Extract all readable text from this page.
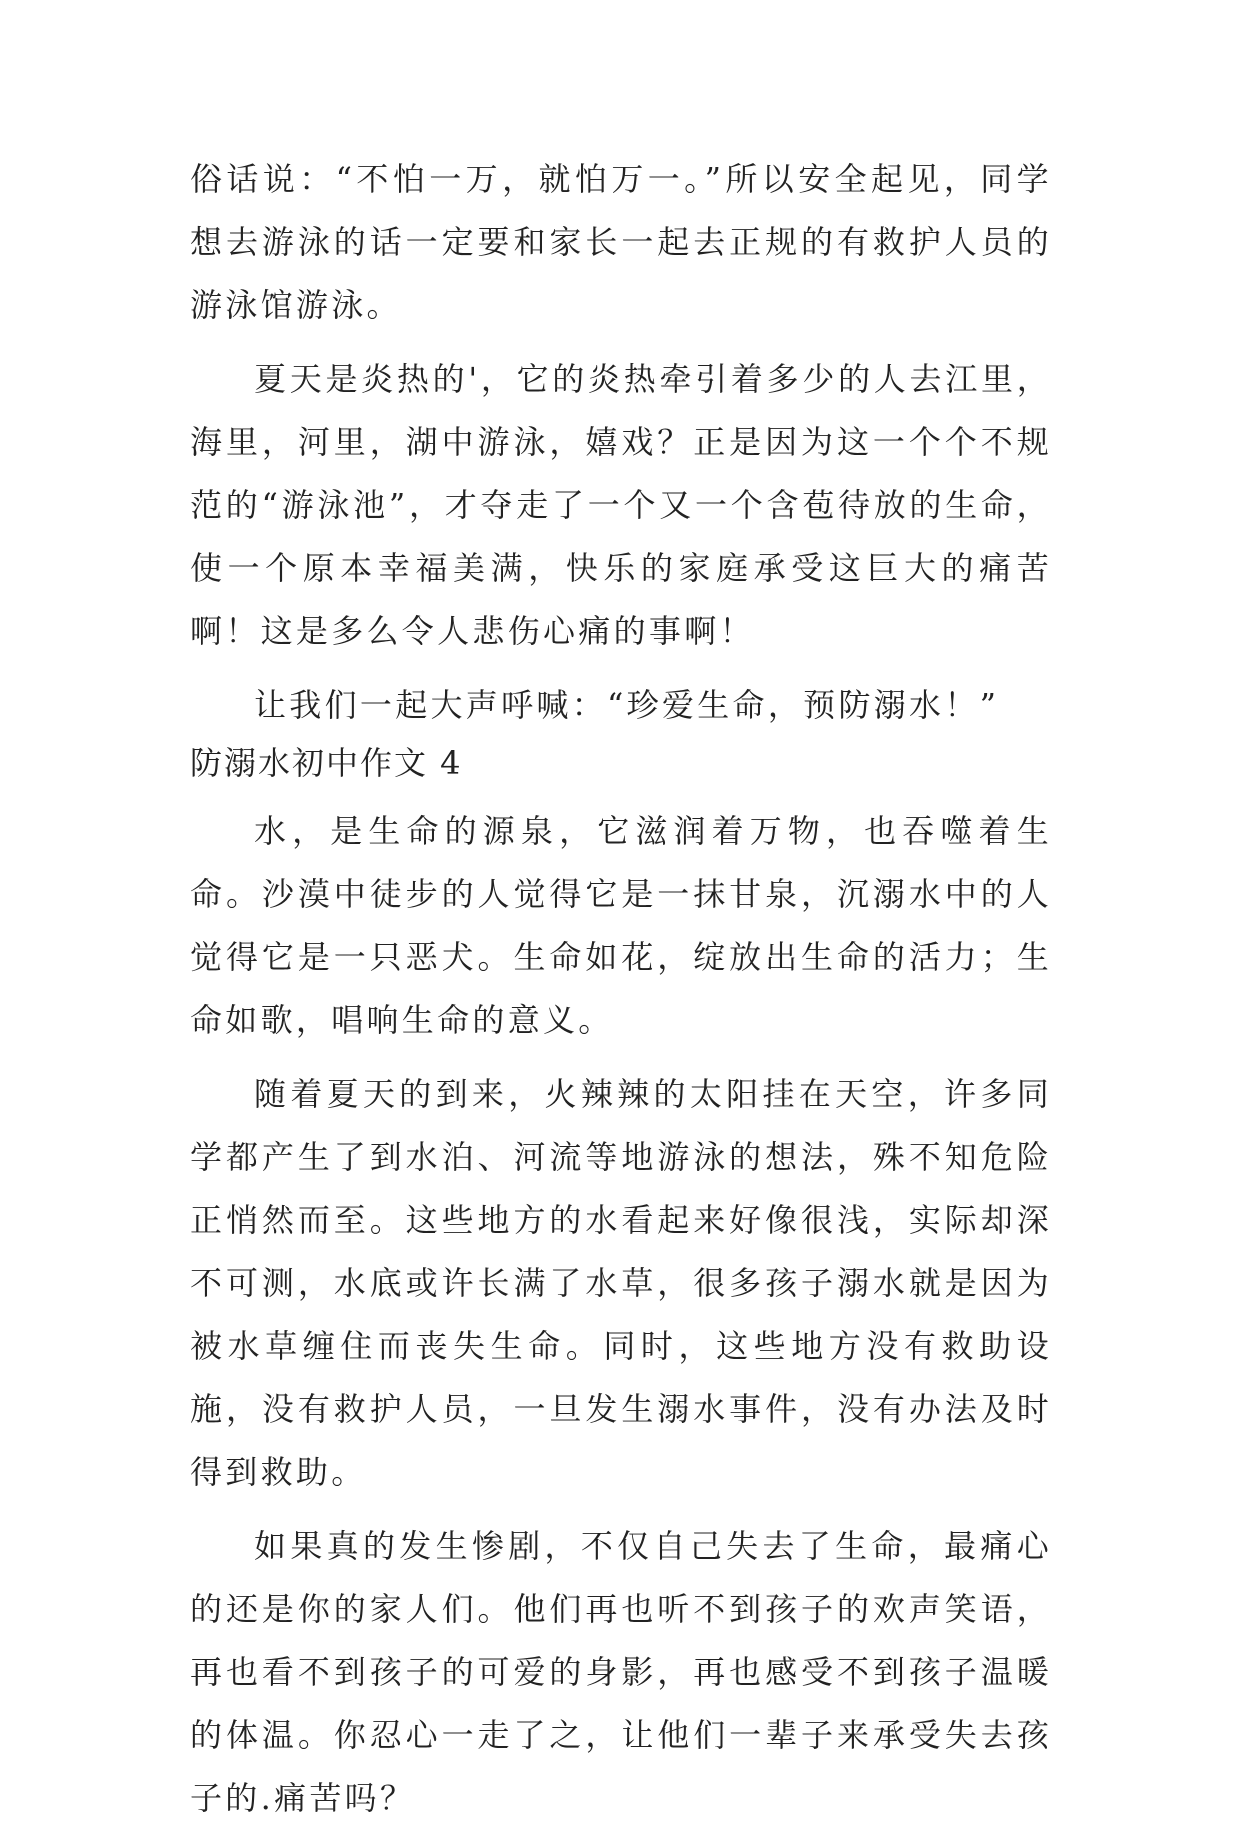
俗话说：“不怕一万，就怕万一。”所以安全起见，同学想去游泳的话一定要和家长一起去正规的有救护人员的游泳馆游泳。

夏天是炎热的'，它的炎热牵引着多少的人去江里，海里，河里，湖中游泳，嬉戏？正是因为这一个个不规范的“游泳池”，才夺走了一个又一个含苞待放的生命，使一个原本幸福美满，快乐的家庭承受这巨大的痛苦啊！这是多么令人悲伤心痛的事啊！

让我们一起大声呼喊：“珍爱生命，预防溺水！”

防溺水初中作文 4

水，是生命的源泉，它滋润着万物，也吞噬着生命。沙漠中徒步的人觉得它是一抹甘泉，沉溺水中的人觉得它是一只恶犬。生命如花，绽放出生命的活力；生命如歌，唱响生命的意义。

随着夏天的到来，火辣辣的太阳挂在天空，许多同学都产生了到水泊、河流等地游泳的想法，殊不知危险正悄然而至。这些地方的水看起来好像很浅，实际却深不可测，水底或许长满了水草，很多孩子溺水就是因为被水草缠住而丧失生命。同时，这些地方没有救助设施，没有救护人员，一旦发生溺水事件，没有办法及时得到救助。

如果真的发生惨剧，不仅自己失去了生命，最痛心的还是你的家人们。他们再也听不到孩子的欢声笑语，再也看不到孩子的可爱的身影，再也感受不到孩子温暖的体温。你忍心一走了之，让他们一辈子来承受失去孩子的.痛苦吗？
